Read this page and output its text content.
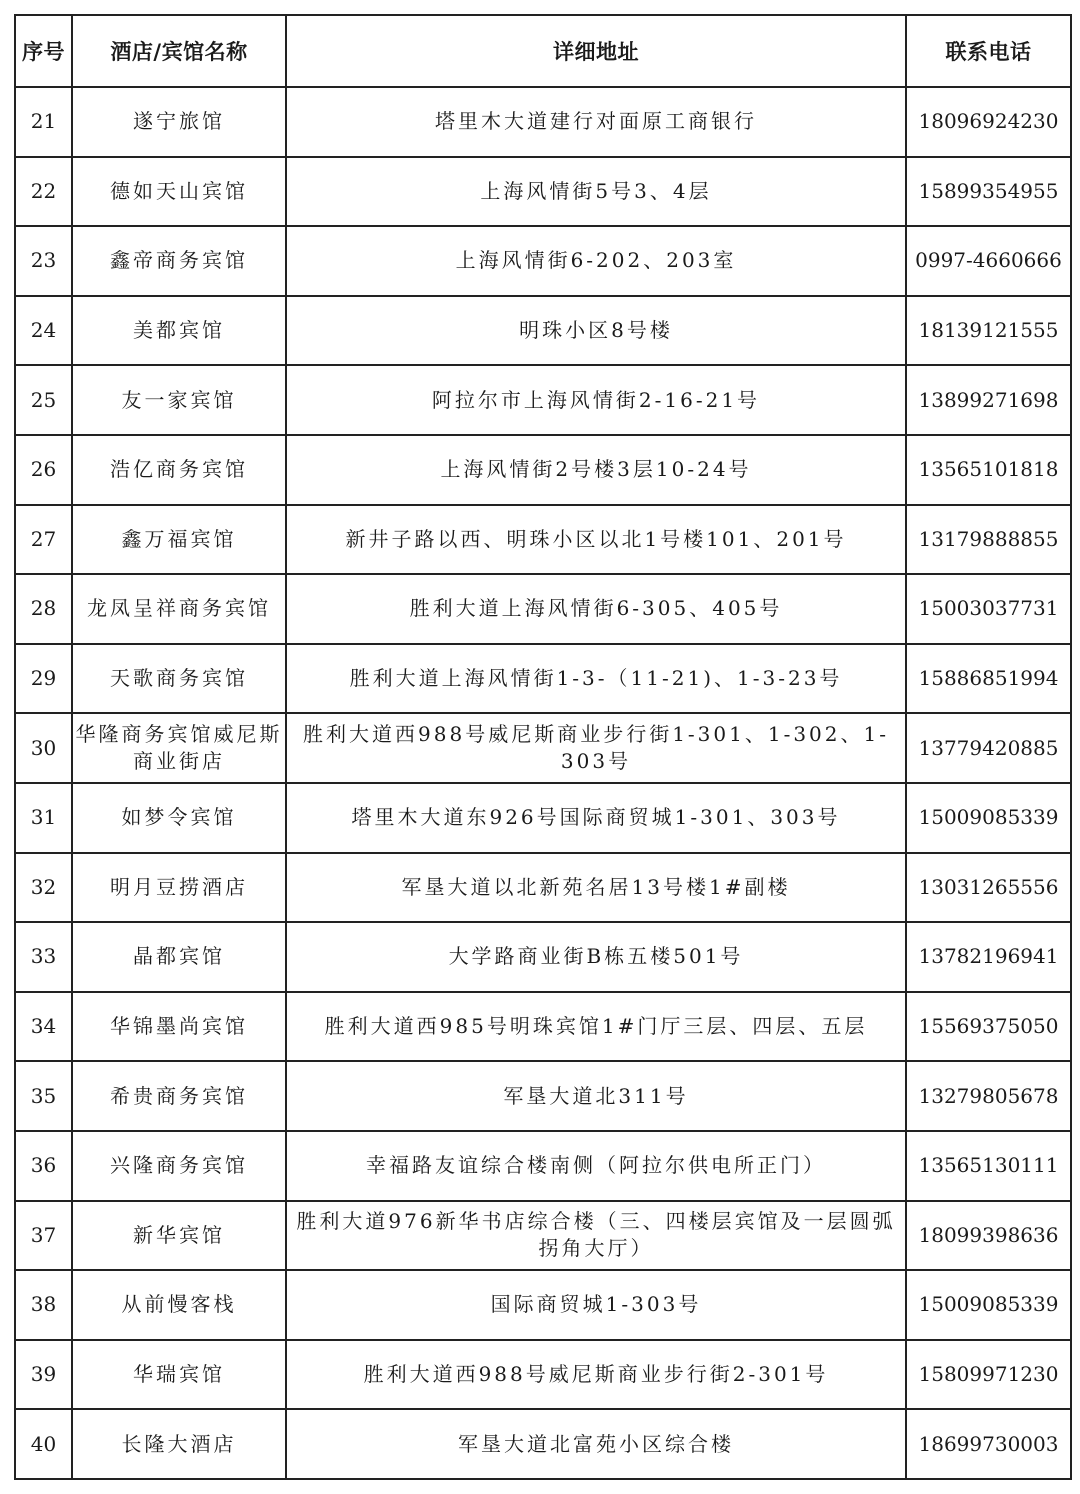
序号	酒店/宾馆名称	详细地址	联系电话
21	遂宁旅馆	塔里木大道建行对面原工商银行	18096924230
22	德如天山宾馆	上海风情街5号3、4层	15899354955
23	鑫帝商务宾馆	上海风情街6-202、203室	0997-4660666
24	美都宾馆	明珠小区8号楼	18139121555
25	友一家宾馆	阿拉尔市上海风情街2-16-21号	13899271698
26	浩亿商务宾馆	上海风情街2号楼3层10-24号	13565101818
27	鑫万福宾馆	新井子路以西、明珠小区以北1号楼101、201号	13179888855
28	龙凤呈祥商务宾馆	胜利大道上海风情街6-305、405号	15003037731
29	天歌商务宾馆	胜利大道上海风情街1-3-（11-21)、1-3-23号	15886851994
30	华隆商务宾馆威尼斯商业街店	胜利大道西988号威尼斯商业步行街1-301、1-302、1-303号	13779420885
31	如梦令宾馆	塔里木大道东926号国际商贸城1-301、303号	15009085339
32	明月豆捞酒店	军垦大道以北新苑名居13号楼1#副楼	13031265556
33	晶都宾馆	大学路商业街B栋五楼501号	13782196941
34	华锦墨尚宾馆	胜利大道西985号明珠宾馆1#门厅三层、四层、五层	15569375050
35	希贵商务宾馆	军垦大道北311号	13279805678
36	兴隆商务宾馆	幸福路友谊综合楼南侧（阿拉尔供电所正门）	13565130111
37	新华宾馆	胜利大道976新华书店综合楼（三、四楼层宾馆及一层圆弧拐角大厅）	18099398636
38	从前慢客栈	国际商贸城1-303号	15009085339
39	华瑞宾馆	胜利大道西988号威尼斯商业步行街2-301号	15809971230
40	长隆大酒店	军垦大道北富苑小区综合楼	18699730003
